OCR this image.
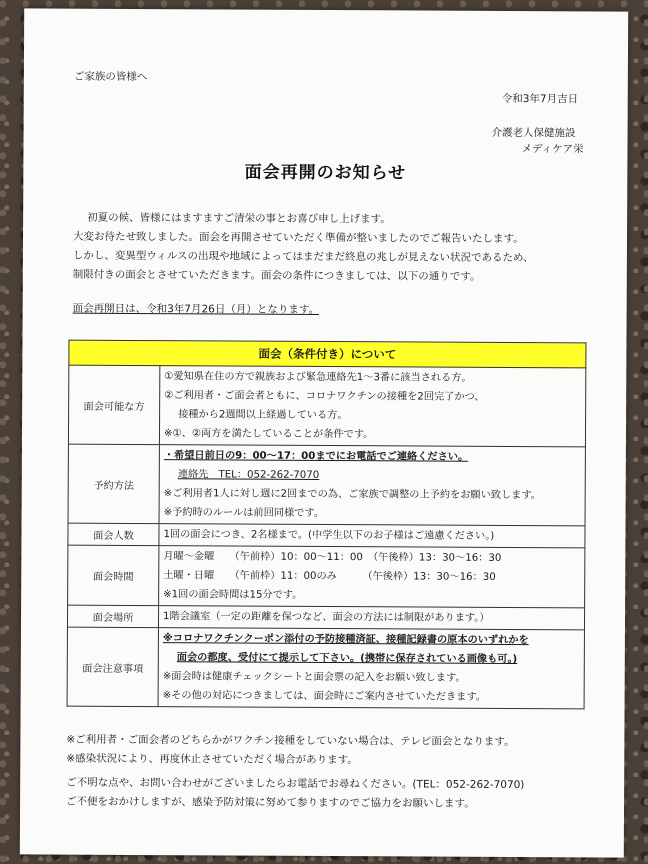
ご家族の皆様へ
令和3年7月吉日
介護老人保健施設
メディケア栄
面会再開のお知らせ
初夏の候、皆様にはますますご清栄の事とお喜び申し上げます。
大変お待たせ致しました。面会を再開させていただく準備が整いましたのでご報告いたします。
しかし、変異型ウィルスの出現や地域によってはまだまだ終息の兆しが見えない状況であるため、
制限付きの面会とさせていただきます。面会の条件につきましては、以下の通りです。
面会再開日は、令和3年7月26日（月）となります。
面会（条件付き）について	
面会可能な方	①愛知県在住の方で親族および緊急連絡先1～3番に該当される方。
②ご利用者・ご面会者ともに、コロナワクチンの接種を2回完了かつ、
接種から2週間以上経過している方。
※①、②両方を満たしていることが条件です。

予約方法	・希望日前日の9：00～17：00までにお電話でご連絡ください。
連絡先　TEL：052-262-7070
※ご利用者1人に対し週に2回までの為、ご家族で調整の上予約をお願い致します。
※予約時のルールは前回同様です。

面会人数	1回の面会につき、2名様まで。(中学生以下のお子様はご遠慮ください。)

面会時間	月曜～金曜　　（午前枠）10：00～11：00　（午後枠）13：30～16：30
土曜・日曜　　（午前枠）11：00のみ　　　（午後枠）13：30～16：30
※1回の面会時間は15分です。

面会場所	1階会議室（一定の距離を保つなど、面会の方法には制限があります。）

面会注意事項	※コロナワクチンクーポン添付の予防接種済証、接種記録書の原本のいずれかを
面会の都度、受付にて提示して下さい。(携帯に保存されている画像も可。)
※面会時は健康チェックシートと面会票の記入をお願い致します。
※その他の対応につきましては、面会時にご案内させていただきます。
※ご利用者・ご面会者のどちらかがワクチン接種をしていない場合は、テレビ面会となります。
※感染状況により、再度休止させていただく場合があります。
ご不明な点や、お問い合わせがございましたらお電話でお尋ねください。(TEL：052-262-7070)
ご不便をおかけしますが、感染予防対策に努めて参りますのでご協力をお願いします。
